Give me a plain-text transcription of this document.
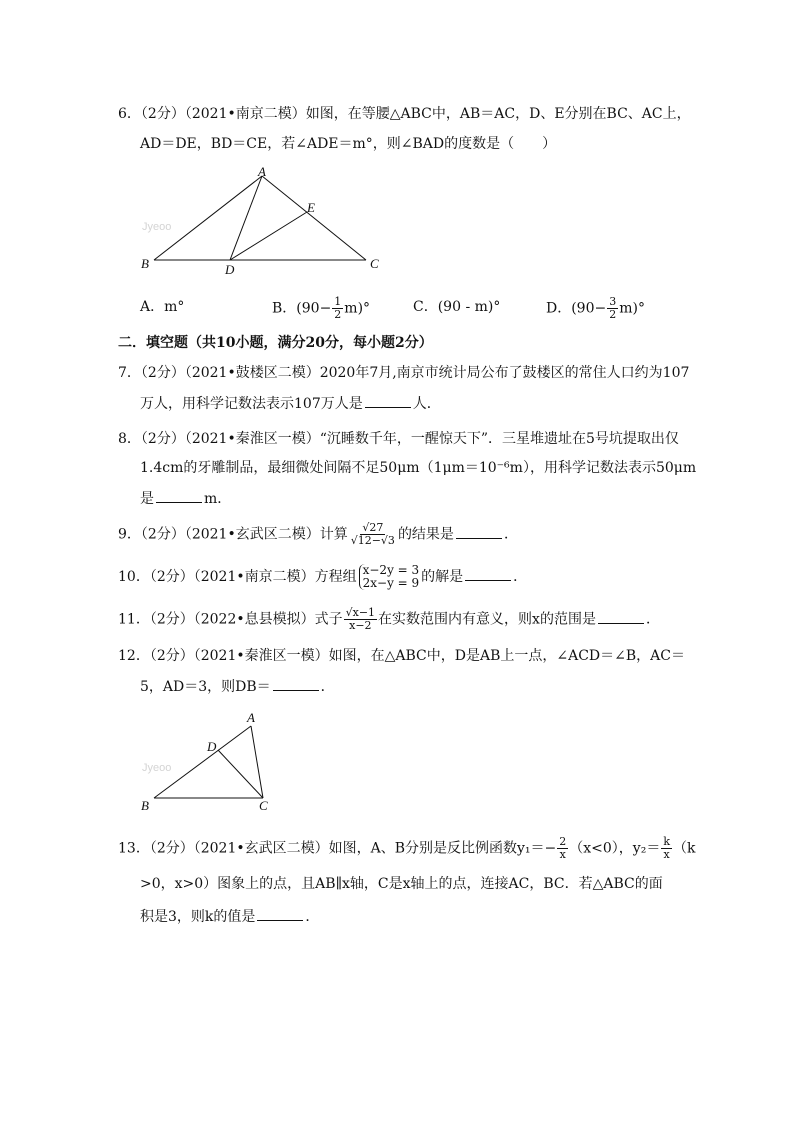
6．（2分）（2021•南京二模）如图，在等腰△ABC中，AB＝AC，D、E分别在BC、AC上，
AD＝DE，BD＝CE，若∠ADE＝m°，则∠BAD的度数是（　　）
A
E
B	D	C
Jyeoo
A．m°	B．$(90- \frac{1}{2} m)^\circ$	C．(90 - m)°	D．$(90- \frac{3}{2} m)^\circ$
二．填空题（共10小题，满分20分，每小题2分）
7．（2分）（2021•鼓楼区二模）2020年7月,南京市统计局公布了鼓楼区的常住人口约为107
万人，用科学记数法表示107万人是	人．
8．（2分）（2021•秦淮区一模）“沉睡数千年，一醒惊天下”．三星堆遗址在5号坑提取出仅
1.4cm的牙雕制品，最细微处间隔不足50μm（1μm＝10⁻⁶m），用科学记数法表示50μm
是	m．
9．（2分）（2021•玄武区二模）计算 $\frac{√27}{√12-√3}$ 的结果是	．
10．（2分）（2021•南京二模）方程组 x−2y = 3
2x−y = 9 的解是	．
11．（2分）（2022•息县模拟）式子 $\frac{√x-1}{x-2}$ 在实数范围内有意义，则x的范围是	．
12．（2分）（2021•秦淮区一模）如图，在△ABC中，D是AB上一点，∠ACD＝∠B，AC＝
5，AD＝3，则DB＝	．
A
D
B	C
Jyeoo
13．（2分）（2021•玄武区二模）如图，A、B分别是反比例函数$y_1=- \frac{2}{x} (x<0)$，$y_2= \frac{k}{x} (k$
>0，x>0）图象上的点，且AB∥x轴，C是x轴上的点，连接AC，BC．若△ABC的面
积是3，则k的值是	．
